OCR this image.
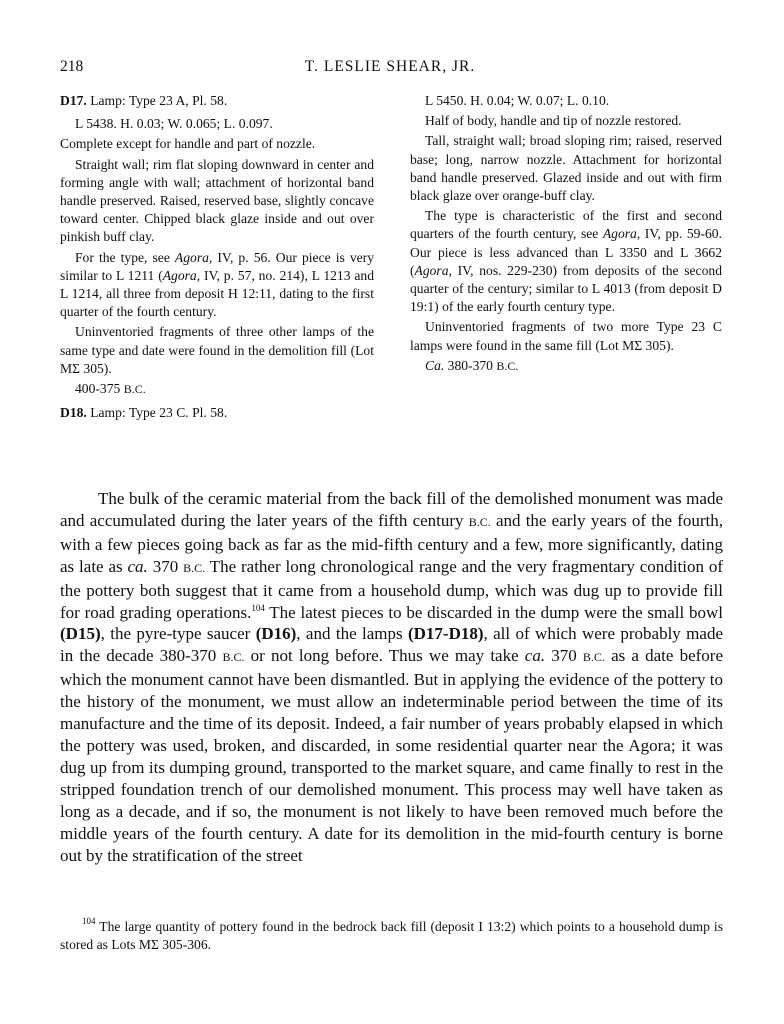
218	T. LESLIE SHEAR, JR.

D17. Lamp: Type 23 A, Pl. 58.

L 5438. H. 0.03; W. 0.065; L. 0.097.

Complete except for handle and part of nozzle.

Straight wall; rim flat sloping downward in center and forming angle with wall; attachment of horizontal band handle preserved. Raised, reserved base, slightly concave toward center. Chipped black glaze inside and out over pinkish buff clay.

For the type, see Agora, IV, p. 56. Our piece is very similar to L 1211 (Agora, IV, p. 57, no. 214), L 1213 and L 1214, all three from deposit H 12:11, dating to the first quarter of the fourth century.

Uninventoried fragments of three other lamps of the same type and date were found in the demolition fill (Lot MΣ 305).

400-375 B.C.

D18. Lamp: Type 23 C. Pl. 58.

L 5450. H. 0.04; W. 0.07; L. 0.10.

Half of body, handle and tip of nozzle restored.

Tall, straight wall; broad sloping rim; raised, reserved base; long, narrow nozzle. Attachment for horizontal band handle preserved. Glazed inside and out with firm black glaze over orange-buff clay.

The type is characteristic of the first and second quarters of the fourth century, see Agora, IV, pp. 59-60. Our piece is less advanced than L 3350 and L 3662 (Agora, IV, nos. 229-230) from deposits of the second quarter of the century; similar to L 4013 (from deposit D 19:1) of the early fourth century type.

Uninventoried fragments of two more Type 23 C lamps were found in the same fill (Lot MΣ 305).

Ca. 380-370 B.C.

The bulk of the ceramic material from the back fill of the demolished monument was made and accumulated during the later years of the fifth century B.C. and the early years of the fourth, with a few pieces going back as far as the mid-fifth century and a few, more significantly, dating as late as ca. 370 B.C. The rather long chronological range and the very fragmentary condition of the pottery both suggest that it came from a household dump, which was dug up to provide fill for road grading operations.$^{104}$ The latest pieces to be discarded in the dump were the small bowl (D15), the pyre-type saucer (D16), and the lamps (D17-D18), all of which were probably made in the decade 380-370 B.C. or not long before. Thus we may take ca. 370 B.C. as a date before which the monument cannot have been dismantled. But in applying the evidence of the pottery to the history of the monument, we must allow an indeterminable period between the time of its manufacture and the time of its deposit. Indeed, a fair number of years probably elapsed in which the pottery was used, broken, and discarded, in some residential quarter near the Agora; it was dug up from its dumping ground, transported to the market square, and came finally to rest in the stripped foundation trench of our demolished monument. This process may well have taken as long as a decade, and if so, the monument is not likely to have been removed much before the middle years of the fourth century. A date for its demolition in the mid-fourth century is borne out by the stratification of the street

$^{104}$ The large quantity of pottery found in the bedrock back fill (deposit I 13:2) which points to a household dump is stored as Lots MΣ 305-306.
